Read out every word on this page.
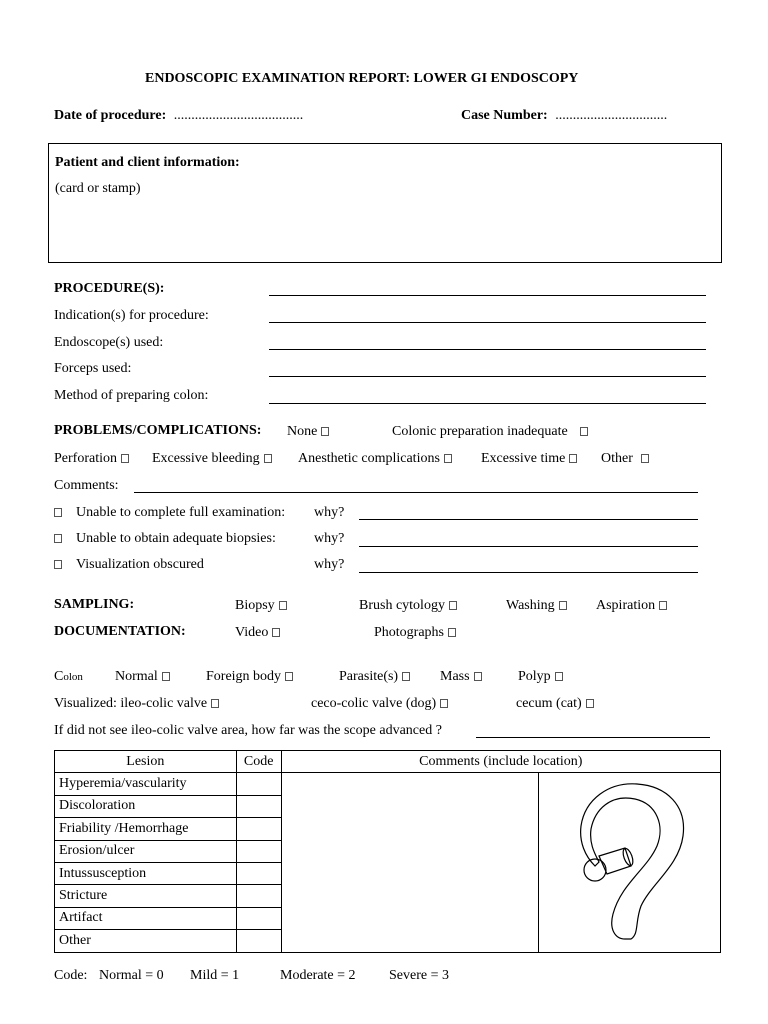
ENDOSCOPIC EXAMINATION REPORT: LOWER GI ENDOSCOPY
Date of procedure: .....................................	Case Number: ................................
Patient and client information:
(card or stamp)
PROCEDURE(S):
Indication(s) for procedure:
Endoscope(s) used:
Forceps used:
Method of preparing colon:
PROBLEMS/COMPLICATIONS: None	Colonic preparation inadequate
Perforation	Excessive bleeding	Anesthetic complications	Excessive time	Other
Comments:
Unable to complete full examination: why?
Unable to obtain adequate biopsies:	why?
Visualization obscured	why?
SAMPLING:	Biopsy	Brush cytology	Washing	Aspiration
DOCUMENTATION:	Video	Photographs
Colon Normal	Foreign body	Parasite(s)	Mass	Polyp
Visualized: ileo-colic valve	ceco-colic valve (dog)	cecum (cat)
If did not see ileo-colic valve area, how far was the scope advanced ?
Lesion	Code	Comments (include location)	
Hyperemia/vascularity			

Discoloration			
Friability /Hemorrhage			
Erosion/ulcer			
Intussusception			
Stricture			
Artifact			
Other			
Code: Normal = 0 Mild = 1	Moderate = 2 Severe = 3
